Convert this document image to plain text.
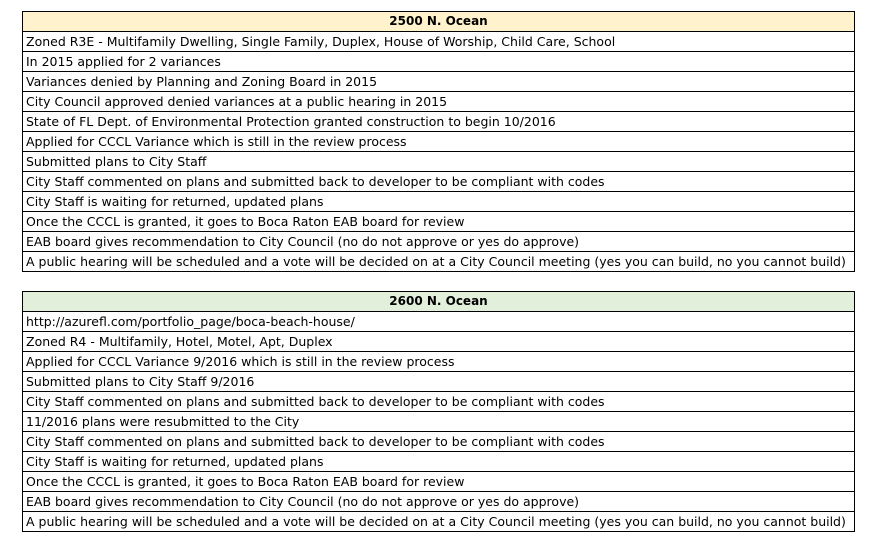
2500 N. Ocean
Zoned R3E - Multifamily Dwelling, Single Family, Duplex, House of Worship, Child Care, School
In 2015 applied for 2 variances
Variances denied by Planning and Zoning Board in 2015
City Council approved denied variances at a public hearing in 2015
State of FL Dept. of Environmental Protection granted construction to begin 10/2016
Applied for CCCL Variance which is still in the review process
Submitted plans to City Staff
City Staff commented on plans and submitted back to developer to be compliant with codes
City Staff is waiting for returned, updated plans
Once the CCCL is granted, it goes to Boca Raton EAB board for review
EAB board gives recommendation to City Council (no do not approve or yes do approve)
A public hearing will be scheduled and a vote will be decided on at a City Council meeting (yes you can build, no you cannot build)
2600 N. Ocean
http://azurefl.com/portfolio_page/boca-beach-house/
Zoned R4 - Multifamily, Hotel, Motel, Apt, Duplex
Applied for CCCL Variance 9/2016 which is still in the review process
Submitted plans to City Staff 9/2016
City Staff commented on plans and submitted back to developer to be compliant with codes
11/2016 plans were resubmitted to the City
City Staff commented on plans and submitted back to developer to be compliant with codes
City Staff is waiting for returned, updated plans
Once the CCCL is granted, it goes to Boca Raton EAB board for review
EAB board gives recommendation to City Council (no do not approve or yes do approve)
A public hearing will be scheduled and a vote will be decided on at a City Council meeting (yes you can build, no you cannot build)
